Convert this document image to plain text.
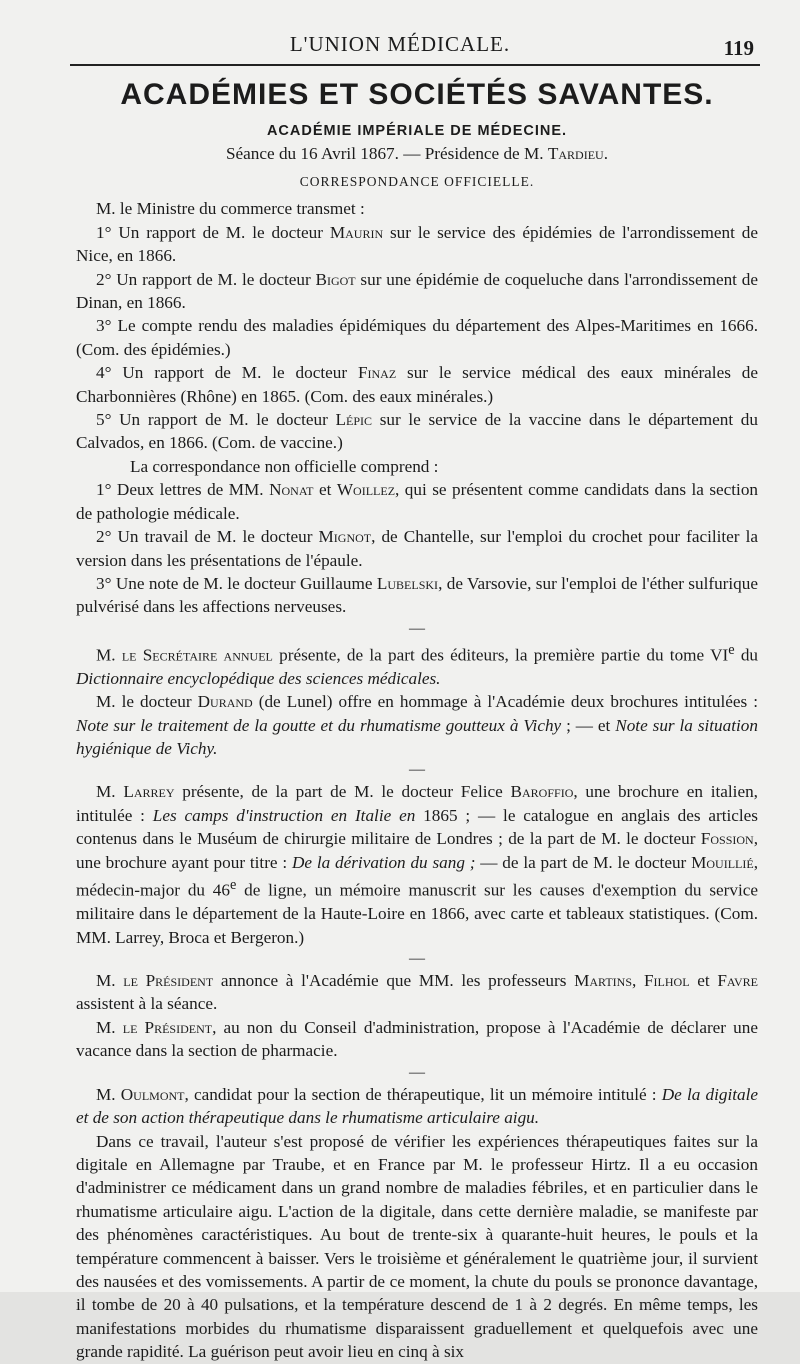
L'UNION MÉDICALE.	119

ACADÉMIES ET SOCIÉTÉS SAVANTES.

ACADÉMIE IMPÉRIALE DE MÉDECINE.

Séance du 16 Avril 1867. — Présidence de M. Tardieu.

CORRESPONDANCE OFFICIELLE.

M. le Ministre du commerce transmet :

1° Un rapport de M. le docteur Maurin sur le service des épidémies de l'arrondissement de Nice, en 1866.

2° Un rapport de M. le docteur Bigot sur une épidémie de coqueluche dans l'arrondissement de Dinan, en 1866.

3° Le compte rendu des maladies épidémiques du département des Alpes-Maritimes en 1666. (Com. des épidémies.)

4° Un rapport de M. le docteur Finaz sur le service médical des eaux minérales de Charbonnières (Rhône) en 1865. (Com. des eaux minérales.)

5° Un rapport de M. le docteur Lépic sur le service de la vaccine dans le département du Calvados, en 1866. (Com. de vaccine.)

La correspondance non officielle comprend :

1° Deux lettres de MM. Nonat et Woillez, qui se présentent comme candidats dans la section de pathologie médicale.

2° Un travail de M. le docteur Mignot, de Chantelle, sur l'emploi du crochet pour faciliter la version dans les présentations de l'épaule.

3° Une note de M. le docteur Guillaume Lubelski, de Varsovie, sur l'emploi de l'éther sulfurique pulvérisé dans les affections nerveuses.

—

M. le Secrétaire annuel présente, de la part des éditeurs, la première partie du tome VIe du Dictionnaire encyclopédique des sciences médicales.

M. le docteur Durand (de Lunel) offre en hommage à l'Académie deux brochures intitulées : Note sur le traitement de la goutte et du rhumatisme goutteux à Vichy ; — et Note sur la situation hygiénique de Vichy.

—

M. Larrey présente, de la part de M. le docteur Felice Baroffio, une brochure en italien, intitulée : Les camps d'instruction en Italie en 1865 ; — le catalogue en anglais des articles contenus dans le Muséum de chirurgie militaire de Londres ; de la part de M. le docteur Fossion, une brochure ayant pour titre : De la dérivation du sang ; — de la part de M. le docteur Mouillié, médecin-major du 46e de ligne, un mémoire manuscrit sur les causes d'exemption du service militaire dans le département de la Haute-Loire en 1866, avec carte et tableaux statistiques. (Com. MM. Larrey, Broca et Bergeron.)

—

M. le Président annonce à l'Académie que MM. les professeurs Martins, Filhol et Favre assistent à la séance.

M. le Président, au non du Conseil d'administration, propose à l'Académie de déclarer une vacance dans la section de pharmacie.

—

M. Oulmont, candidat pour la section de thérapeutique, lit un mémoire intitulé : De la digitale et de son action thérapeutique dans le rhumatisme articulaire aigu.

Dans ce travail, l'auteur s'est proposé de vérifier les expériences thérapeutiques faites sur la digitale en Allemagne par Traube, et en France par M. le professeur Hirtz. Il a eu occasion d'administrer ce médicament dans un grand nombre de maladies fébriles, et en particulier dans le rhumatisme articulaire aigu. L'action de la digitale, dans cette dernière maladie, se manifeste par des phénomènes caractéristiques. Au bout de trente-six à quarante-huit heures, le pouls et la température commencent à baisser. Vers le troisième et généralement le quatrième jour, il survient des nausées et des vomissements. A partir de ce moment, la chute du pouls se prononce davantage, il tombe de 20 à 40 pulsations, et la température descend de 1 à 2 degrés. En même temps, les manifestations morbides du rhumatisme disparaissent graduellement et quelquefois avec une grande rapidité. La guérison peut avoir lieu en cinq à six
